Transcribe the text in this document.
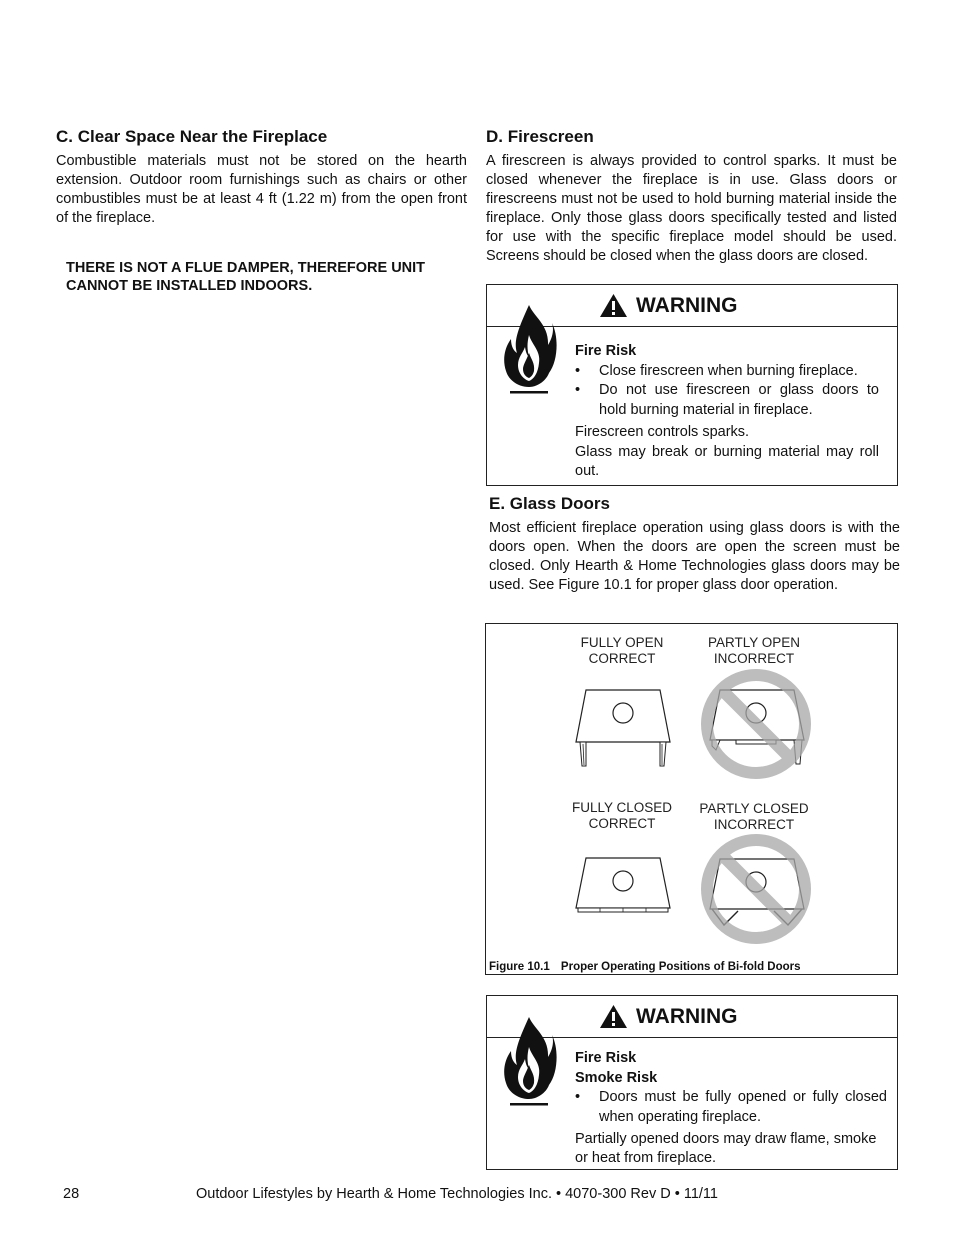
C. Clear Space Near the Fireplace

Combustible materials must not be stored on the hearth extension. Outdoor room furnishings such as chairs or other combustibles must be at least 4 ft (1.22 m) from the open front of the fireplace.

THERE IS NOT A FLUE DAMPER, THEREFORE UNIT
CANNOT BE INSTALLED INDOORS.
D. Firescreen

A firescreen is always provided to control sparks. It must be closed whenever the fireplace is in use. Glass doors or firescreens must not be used to hold burning material inside the fireplace. Only those glass doors specifically tested and listed for use with the specific fireplace model should be used. Screens should be closed when the glass doors are closed.

WARNING

Fire Risk

•	Close firescreen when burning fireplace.
•	Do not use firescreen or glass doors to hold burning material in fireplace.

Firescreen controls sparks.

Glass may break or burning material may roll out.

E. Glass Doors

Most efficient fireplace operation using glass doors is with the doors open. When the doors are open the screen must be closed. Only Hearth & Home Technologies glass doors may be used. See Figure 10.1 for proper glass door operation.

FULLY OPEN
CORRECT
PARTLY OPEN
INCORRECT
FULLY CLOSED
CORRECT
PARTLY CLOSED
INCORRECT
Figure 10.1 Proper Operating Positions of Bi-fold Doors
WARNING

Fire Risk

Smoke Risk

•	Doors must be fully opened or fully closed when operating fireplace.

Partially opened doors may draw flame, smoke or heat from fireplace.

28	Outdoor Lifestyles by Hearth & Home Technologies Inc. • 4070-300 Rev D • 11/11
